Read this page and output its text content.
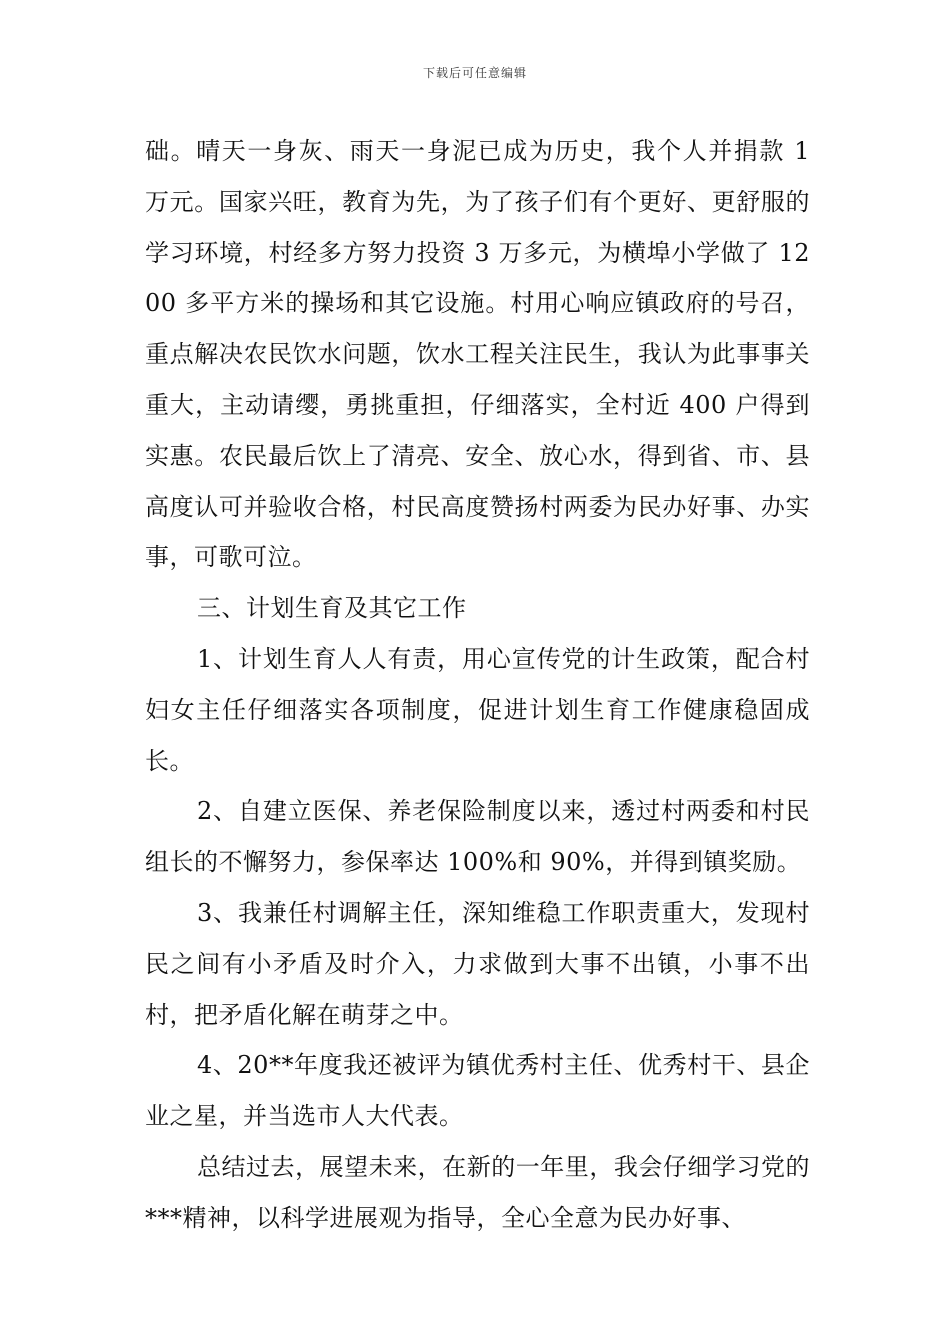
下载后可任意编辑

础。晴天一身灰、雨天一身泥已成为历史，我个人并捐款 1 万元。国家兴旺，教育为先，为了孩子们有个更好、更舒服的学习环境，村经多方努力投资 3 万多元，为横埠小学做了 1200 多平方米的操场和其它设施。村用心响应镇政府的号召，重点解决农民饮水问题，饮水工程关注民生，我认为此事事关重大，主动请缨，勇挑重担，仔细落实，全村近 400 户得到实惠。农民最后饮上了清亮、安全、放心水，得到省、市、县高度认可并验收合格，村民高度赞扬村两委为民办好事、办实事，可歌可泣。

三、计划生育及其它工作

1、计划生育人人有责，用心宣传党的计生政策，配合村妇女主任仔细落实各项制度，促进计划生育工作健康稳固成长。

2、自建立医保、养老保险制度以来，透过村两委和村民组长的不懈努力，参保率达 100%和 90%，并得到镇奖励。

3、我兼任村调解主任，深知维稳工作职责重大，发现村民之间有小矛盾及时介入，力求做到大事不出镇，小事不出村，把矛盾化解在萌芽之中。

4、20**年度我还被评为镇优秀村主任、优秀村干、县企业之星，并当选市人大代表。

总结过去，展望未来，在新的一年里，我会仔细学习党的***精神，以科学进展观为指导，全心全意为民办好事、
